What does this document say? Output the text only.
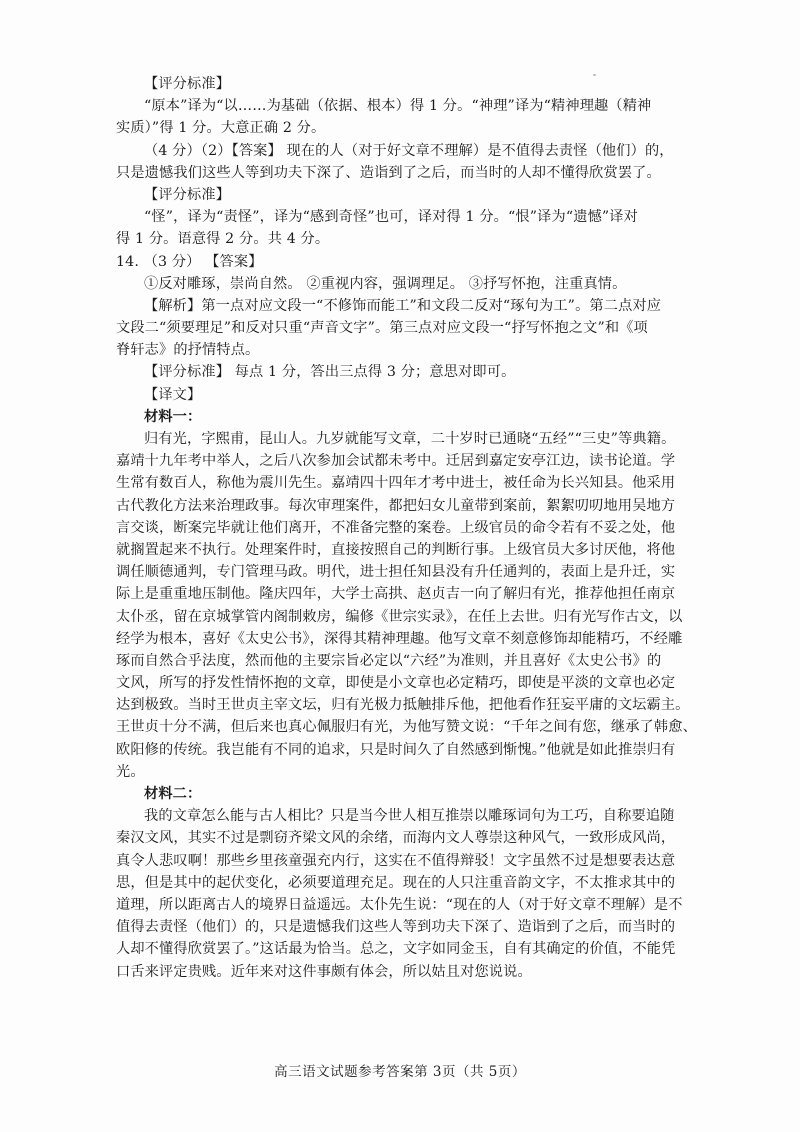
【评分标准】
“原本”译为“以……为基础（依据、根本）得 1 分。“神理”译为“精神理趣（精神
实质）”得 1 分。大意正确 2 分。
（4 分）（2）【答案】 现在的人（对于好文章不理解）是不值得去责怪（他们）的，
只是遗憾我们这些人等到功夫下深了、造诣到了之后，而当时的人却不懂得欣赏罢了。
【评分标准】
“怪”，译为“责怪”，译为“感到奇怪”也可，译对得 1 分。“恨”译为“遗憾”译对
得 1 分。语意得 2 分。共 4 分。
14. （3 分） 【答案】
①反对雕琢，崇尚自然。 ②重视内容，强调理足。 ③抒写怀抱，注重真情。
【解析】第一点对应文段一“不修饰而能工”和文段二反对“琢句为工”。第二点对应
文段二“须要理足”和反对只重“声音文字”。第三点对应文段一“抒写怀抱之文”和《项
脊轩志》的抒情特点。
【评分标准】 每点 1 分，答出三点得 3 分；意思对即可。
【译文】
材料一：
归有光，字熙甫，昆山人。九岁就能写文章，二十岁时已通晓“五经”“三史”等典籍。
嘉靖十九年考中举人，之后八次参加会试都未考中。迁居到嘉定安亭江边，读书论道。学
生常有数百人，称他为震川先生。嘉靖四十四年才考中进士，被任命为长兴知县。他采用
古代教化方法来治理政事。每次审理案件，都把妇女儿童带到案前，絮絮叨叨地用吴地方
言交谈，断案完毕就让他们离开，不准备完整的案卷。上级官员的命令若有不妥之处，他
就搁置起来不执行。处理案件时，直接按照自己的判断行事。上级官员大多讨厌他，将他
调任顺德通判，专门管理马政。明代，进士担任知县没有升任通判的，表面上是升迁，实
际上是重重地压制他。隆庆四年，大学士高拱、赵贞吉一向了解归有光，推荐他担任南京
太仆丞，留在京城掌管内阁制敕房，编修《世宗实录》，在任上去世。归有光写作古文，以
经学为根本，喜好《太史公书》，深得其精神理趣。他写文章不刻意修饰却能精巧，不经雕
琢而自然合乎法度，然而他的主要宗旨必定以“六经”为准则，并且喜好《太史公书》的
文风，所写的抒发性情怀抱的文章，即使是小文章也必定精巧，即使是平淡的文章也必定
达到极致。当时王世贞主宰文坛，归有光极力抵触排斥他，把他看作狂妄平庸的文坛霸主。
王世贞十分不满，但后来也真心佩服归有光，为他写赞文说：“千年之间有您，继承了韩愈、
欧阳修的传统。我岂能有不同的追求，只是时间久了自然感到惭愧。”他就是如此推崇归有
光。
材料二：
我的文章怎么能与古人相比？只是当今世人相互推崇以雕琢词句为工巧，自称要追随
秦汉文风，其实不过是剽窃齐梁文风的余绪，而海内文人尊崇这种风气，一致形成风尚，
真令人悲叹啊！那些乡里孩童强充内行，这实在不值得辩驳！文字虽然不过是想要表达意
思，但是其中的起伏变化，必须要道理充足。现在的人只注重音韵文字，不太推求其中的
道理，所以距离古人的境界日益遥远。太仆先生说：“现在的人（对于好文章不理解）是不
值得去责怪（他们）的，只是遗憾我们这些人等到功夫下深了、造诣到了之后，而当时的
人却不懂得欣赏罢了。”这话最为恰当。总之，文字如同金玉，自有其确定的价值，不能凭
口舌来评定贵贱。近年来对这件事颇有体会，所以姑且对您说说。
高三语文试题参考答案第 3页（共 5页）
